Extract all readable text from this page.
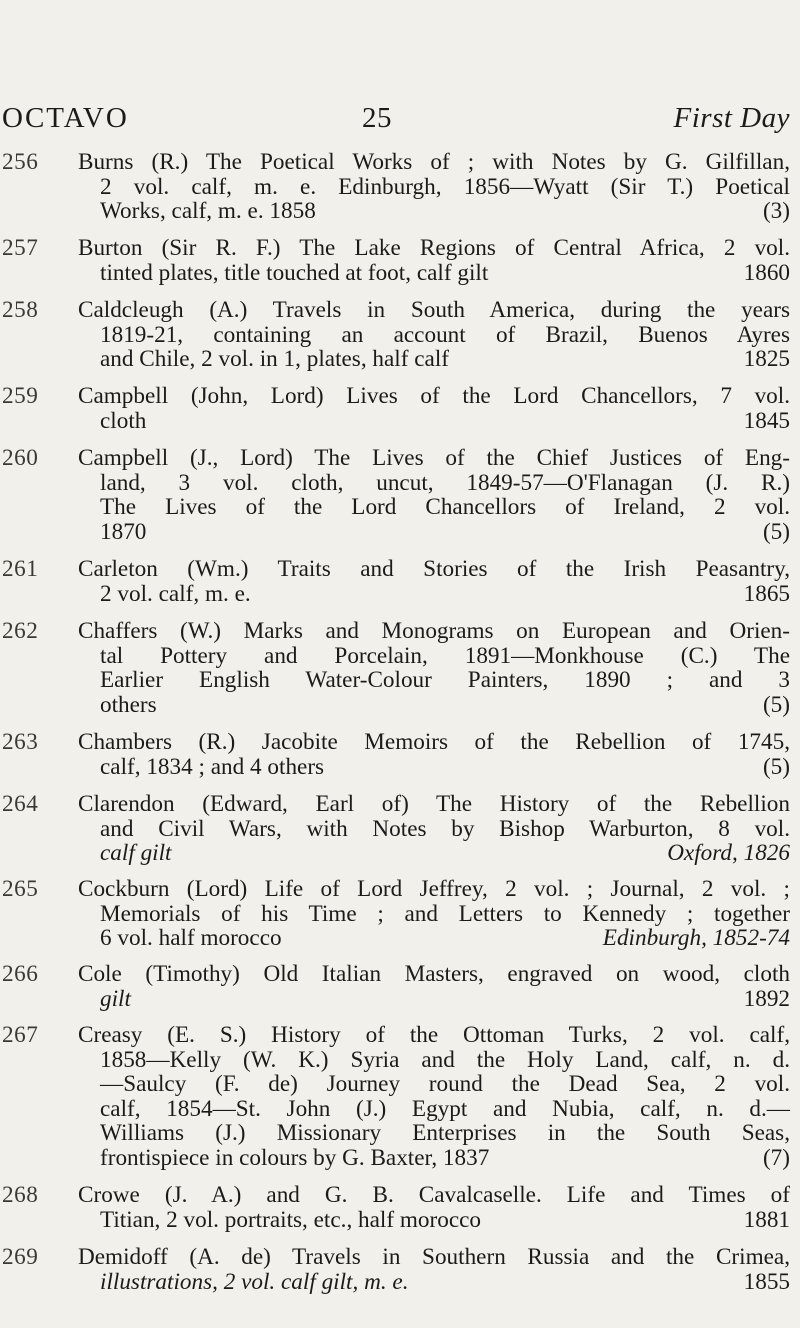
OCTAVO	25	First Day
256	Burns (R.) The Poetical Works of ; with Notes by G. Gilfillan,
2 vol. calf, m. e. Edinburgh, 1856—Wyatt (Sir T.) Poetical
Works, calf, m. e. 1858	(3)
257	Burton (Sir R. F.) The Lake Regions of Central Africa, 2 vol.
tinted plates, title touched at foot, calf gilt	1860
258	Caldcleugh (A.) Travels in South America, during the years
1819-21, containing an account of Brazil, Buenos Ayres
and Chile, 2 vol. in 1, plates, half calf	1825
259	Campbell (John, Lord) Lives of the Lord Chancellors, 7 vol.
cloth	1845
260	Campbell (J., Lord) The Lives of the Chief Justices of Eng-
land, 3 vol. cloth, uncut, 1849-57—O'Flanagan (J. R.)
The Lives of the Lord Chancellors of Ireland, 2 vol.
1870	(5)
261	Carleton (Wm.) Traits and Stories of the Irish Peasantry,
2 vol. calf, m. e.	1865
262	Chaffers (W.) Marks and Monograms on European and Orien-
tal Pottery and Porcelain, 1891—Monkhouse (C.) The
Earlier English Water-Colour Painters, 1890 ; and 3
others	(5)
263	Chambers (R.) Jacobite Memoirs of the Rebellion of 1745,
calf, 1834 ; and 4 others	(5)
264	Clarendon (Edward, Earl of) The History of the Rebellion
and Civil Wars, with Notes by Bishop Warburton, 8 vol.
calf gilt	Oxford, 1826
265	Cockburn (Lord) Life of Lord Jeffrey, 2 vol. ; Journal, 2 vol. ;
Memorials of his Time ; and Letters to Kennedy ; together
6 vol. half morocco	Edinburgh, 1852-74
266	Cole (Timothy) Old Italian Masters, engraved on wood, cloth
gilt	1892
267	Creasy (E. S.) History of the Ottoman Turks, 2 vol. calf,
1858—Kelly (W. K.) Syria and the Holy Land, calf, n. d.
—Saulcy (F. de) Journey round the Dead Sea, 2 vol.
calf, 1854—St. John (J.) Egypt and Nubia, calf, n. d.—
Williams (J.) Missionary Enterprises in the South Seas,
frontispiece in colours by G. Baxter, 1837	(7)
268	Crowe (J. A.) and G. B. Cavalcaselle. Life and Times of
Titian, 2 vol. portraits, etc., half morocco	1881
269	Demidoff (A. de) Travels in Southern Russia and the Crimea,
illustrations, 2 vol. calf gilt, m. e.	1855
